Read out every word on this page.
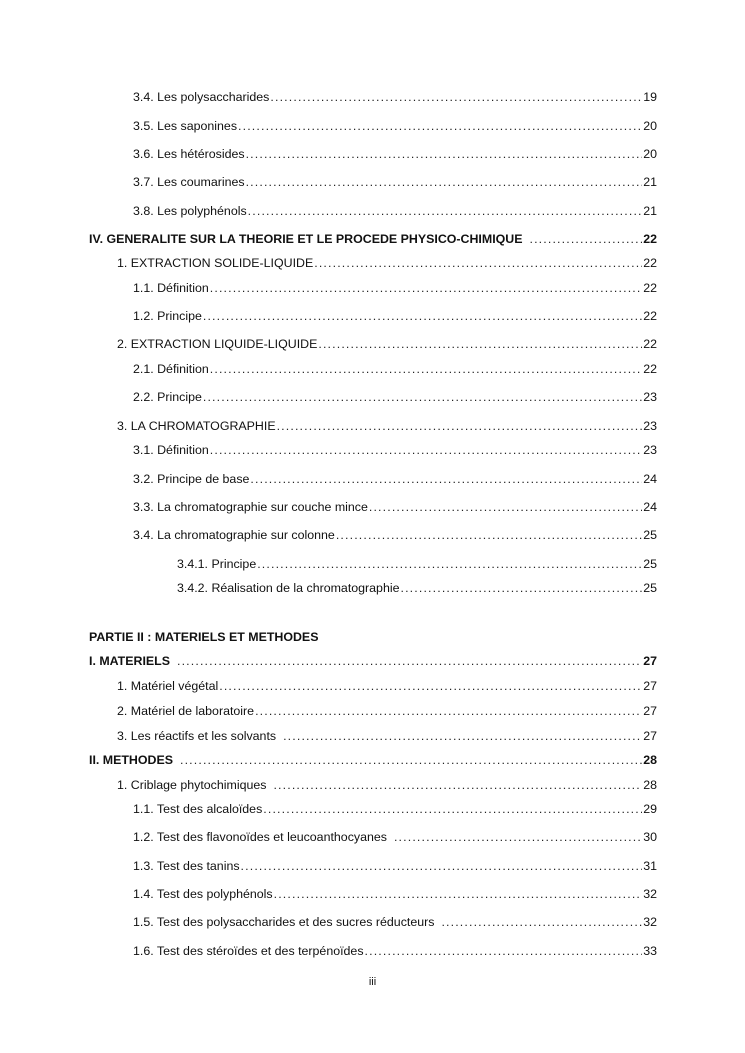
3.4. Les polysaccharides .....	19
3.5. Les saponines .....	20
3.6. Les hétérosides .....	20
3.7. Les coumarines .....	21
3.8. Les polyphénols .....	21
IV. GENERALITE SUR LA THEORIE ET LE PROCEDE PHYSICO-CHIMIQUE .....	22
1. EXTRACTION SOLIDE-LIQUIDE .....	22
1.1. Définition .....	22
1.2. Principe .....	22
2. EXTRACTION LIQUIDE-LIQUIDE .....	22
2.1. Définition .....	22
2.2. Principe .....	23
3. LA CHROMATOGRAPHIE .....	23
3.1. Définition .....	23
3.2. Principe de base .....	24
3.3. La chromatographie sur couche mince .....	24
3.4. La chromatographie sur colonne .....	25
3.4.1. Principe .....	25
3.4.2. Réalisation de la chromatographie .....	25
PARTIE II : MATERIELS ET METHODES
I. MATERIELS .....	27
1. Matériel végétal .....	27
2. Matériel de laboratoire .....	27
3. Les réactifs et les solvants .....	27
II. METHODES .....	28
1. Criblage phytochimiques .....	28
1.1. Test des alcaloïdes .....	29
1.2. Test des flavonoïdes et leucoanthocyanes .....	30
1.3. Test des tanins .....	31
1.4. Test des polyphénols .....	32
1.5. Test des polysaccharides et des sucres réducteurs .....	32
1.6. Test des stéroïdes et des terpénoïdes .....	33
iii
